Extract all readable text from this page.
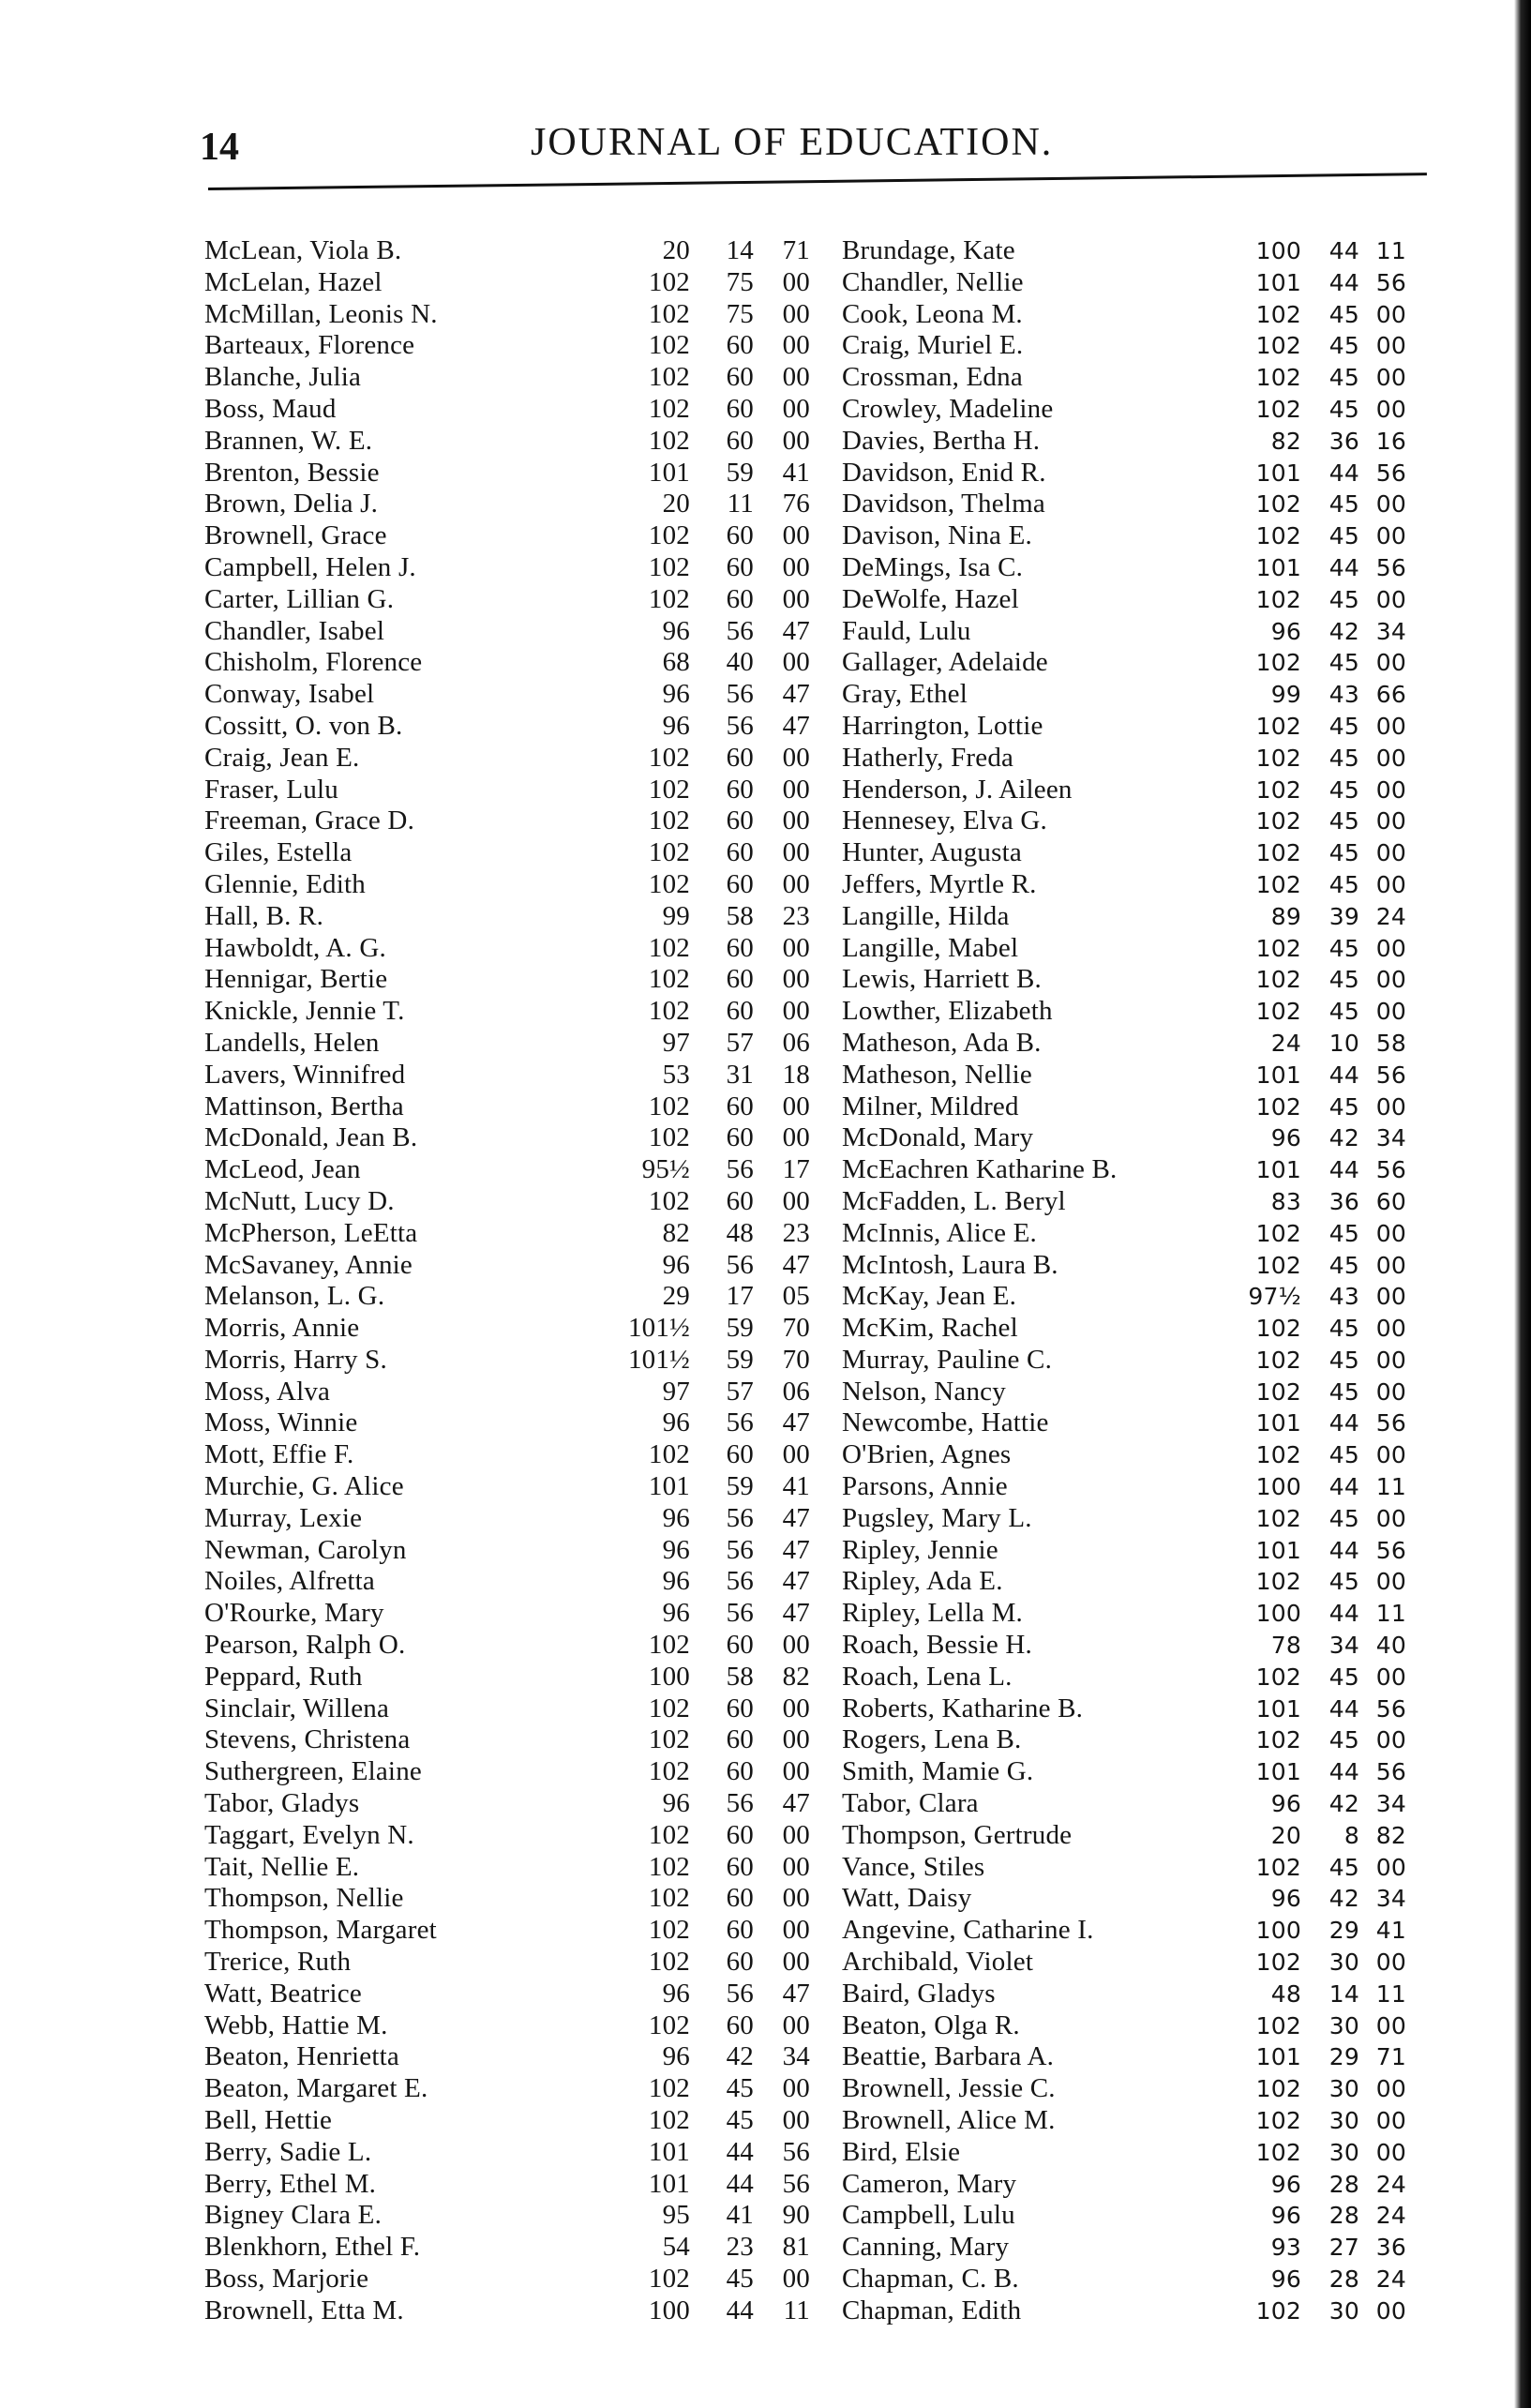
14	JOURNAL OF EDUCATION.
McLean, Viola B.	20	14	71
McLelan, Hazel	102	75	00
McMillan, Leonis N.	102	75	00
Barteaux, Florence	102	60	00
Blanche, Julia	102	60	00
Boss, Maud	102	60	00
Brannen, W. E.	102	60	00
Brenton, Bessie	101	59	41
Brown, Delia J.	20	11	76
Brownell, Grace	102	60	00
Campbell, Helen J.	102	60	00
Carter, Lillian G.	102	60	00
Chandler, Isabel	96	56	47
Chisholm, Florence	68	40	00
Conway, Isabel	96	56	47
Cossitt, O. von B.	96	56	47
Craig, Jean E.	102	60	00
Fraser, Lulu	102	60	00
Freeman, Grace D.	102	60	00
Giles, Estella	102	60	00
Glennie, Edith	102	60	00
Hall, B. R.	99	58	23
Hawboldt, A. G.	102	60	00
Hennigar, Bertie	102	60	00
Knickle, Jennie T.	102	60	00
Landells, Helen	97	57	06
Lavers, Winnifred	53	31	18
Mattinson, Bertha	102	60	00
McDonald, Jean B.	102	60	00
McLeod, Jean	95½	56	17
McNutt, Lucy D.	102	60	00
McPherson, LeEtta	82	48	23
McSavaney, Annie	96	56	47
Melanson, L. G.	29	17	05
Morris, Annie	101½	59	70
Morris, Harry S.	101½	59	70
Moss, Alva	97	57	06
Moss, Winnie	96	56	47
Mott, Effie F.	102	60	00
Murchie, G. Alice	101	59	41
Murray, Lexie	96	56	47
Newman, Carolyn	96	56	47
Noiles, Alfretta	96	56	47
O'Rourke, Mary	96	56	47
Pearson, Ralph O.	102	60	00
Peppard, Ruth	100	58	82
Sinclair, Willena	102	60	00
Stevens, Christena	102	60	00
Suthergreen, Elaine	102	60	00
Tabor, Gladys	96	56	47
Taggart, Evelyn N.	102	60	00
Tait, Nellie E.	102	60	00
Thompson, Nellie	102	60	00
Thompson, Margaret	102	60	00
Trerice, Ruth	102	60	00
Watt, Beatrice	96	56	47
Webb, Hattie M.	102	60	00
Beaton, Henrietta	96	42	34
Beaton, Margaret E.	102	45	00
Bell, Hettie	102	45	00
Berry, Sadie L.	101	44	56
Berry, Ethel M.	101	44	56
Bigney Clara E.	95	41	90
Blenkhorn, Ethel F.	54	23	81
Boss, Marjorie	102	45	00
Brownell, Etta M.	100	44	11
Brundage, Kate	100	44 11
Chandler, Nellie	101	44 56
Cook, Leona M.	102	45 00
Craig, Muriel E.	102	45 00
Crossman, Edna	102	45 00
Crowley, Madeline	102	45 00
Davies, Bertha H.	82	36 16
Davidson, Enid R.	101	44 56
Davidson, Thelma	102	45 00
Davison, Nina E.	102	45 00
DeMings, Isa C.	101	44 56
DeWolfe, Hazel	102	45 00
Fauld, Lulu	96	42 34
Gallager, Adelaide	102	45 00
Gray, Ethel	99	43 66
Harrington, Lottie	102	45 00
Hatherly, Freda	102	45 00
Henderson, J. Aileen	102	45 00
Hennesey, Elva G.	102	45 00
Hunter, Augusta	102	45 00
Jeffers, Myrtle R.	102	45 00
Langille, Hilda	89	39 24
Langille, Mabel	102	45 00
Lewis, Harriett B.	102	45 00
Lowther, Elizabeth	102	45 00
Matheson, Ada B.	24	10 58
Matheson, Nellie	101	44 56
Milner, Mildred	102	45 00
McDonald, Mary	96	42 34
McEachren Katharine B.	101	44 56
McFadden, L. Beryl	83	36 60
McInnis, Alice E.	102	45 00
McIntosh, Laura B.	102	45 00
McKay, Jean E.	97½	43 00
McKim, Rachel	102	45 00
Murray, Pauline C.	102	45 00
Nelson, Nancy	102	45 00
Newcombe, Hattie	101	44 56
O'Brien, Agnes	102	45 00
Parsons, Annie	100	44 11
Pugsley, Mary L.	102	45 00
Ripley, Jennie	101	44 56
Ripley, Ada E.	102	45 00
Ripley, Lella M.	100	44 11
Roach, Bessie H.	78	34 40
Roach, Lena L.	102	45 00
Roberts, Katharine B.	101	44 56
Rogers, Lena B.	102	45 00
Smith, Mamie G.	101	44 56
Tabor, Clara	96	42 34
Thompson, Gertrude	20	8 82
Vance, Stiles	102	45 00
Watt, Daisy	96	42 34
Angevine, Catharine I.	100	29 41
Archibald, Violet	102	30 00
Baird, Gladys	48	14 11
Beaton, Olga R.	102	30 00
Beattie, Barbara A.	101	29 71
Brownell, Jessie C.	102	30 00
Brownell, Alice M.	102	30 00
Bird, Elsie	102	30 00
Cameron, Mary	96	28 24
Campbell, Lulu	96	28 24
Canning, Mary	93	27 36
Chapman, C. B.	96	28 24
Chapman, Edith	102	30 00
